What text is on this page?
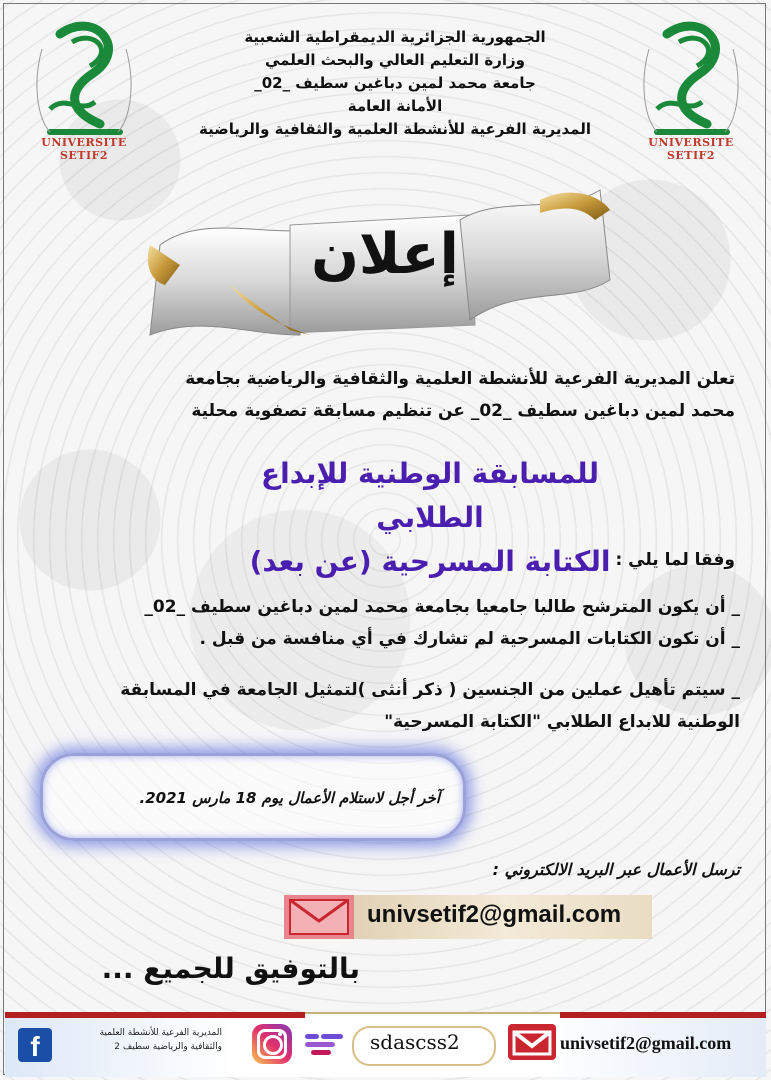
UNIVERSITE SETIF2
UNIVERSITE SETIF2
الجمهورية الجزائرية الديمقراطية الشعبية
وزارة التعليم العالي والبحث العلمي
جامعة محمد لمين دباغين سطيف _02_
الأمانة العامة
المديرية الفرعية للأنشطة العلمية والثقافية والرياضية
إعلان
تعلن المديرية الفرعية للأنشطة العلمية والثقافية والرياضية بجامعة
محمد لمين دباغين سطيف _02_ عن تنظيم مسابقة تصفوية محلية
للمسابقة الوطنية للإبداع الطلابي
الكتابة المسرحية (عن بعد) وفقا لما يلي :
_ أن يكون المترشح طالبا جامعيا بجامعة محمد لمين دباغين سطيف _02_
_ أن تكون الكتابات المسرحية لم تشارك في أي منافسة من قبل .
_ سيتم تأهيل عملين من الجنسين ( ذكر أنثى )لتمثيل الجامعة في المسابقة
الوطنية للابداع الطلابي "الكتابة المسرحية"
آخر أجل لاستلام الأعمال يوم 18 مارس 2021.
ترسل الأعمال عبر البريد الالكتروني :
univsetif2@gmail.com
بالتوفيق للجميع ...
f	المديرية الفرعية للأنشطة العلمية
والثقافية والرياضية سطيف 2	sdascss2	univsetif2@gmail.com
